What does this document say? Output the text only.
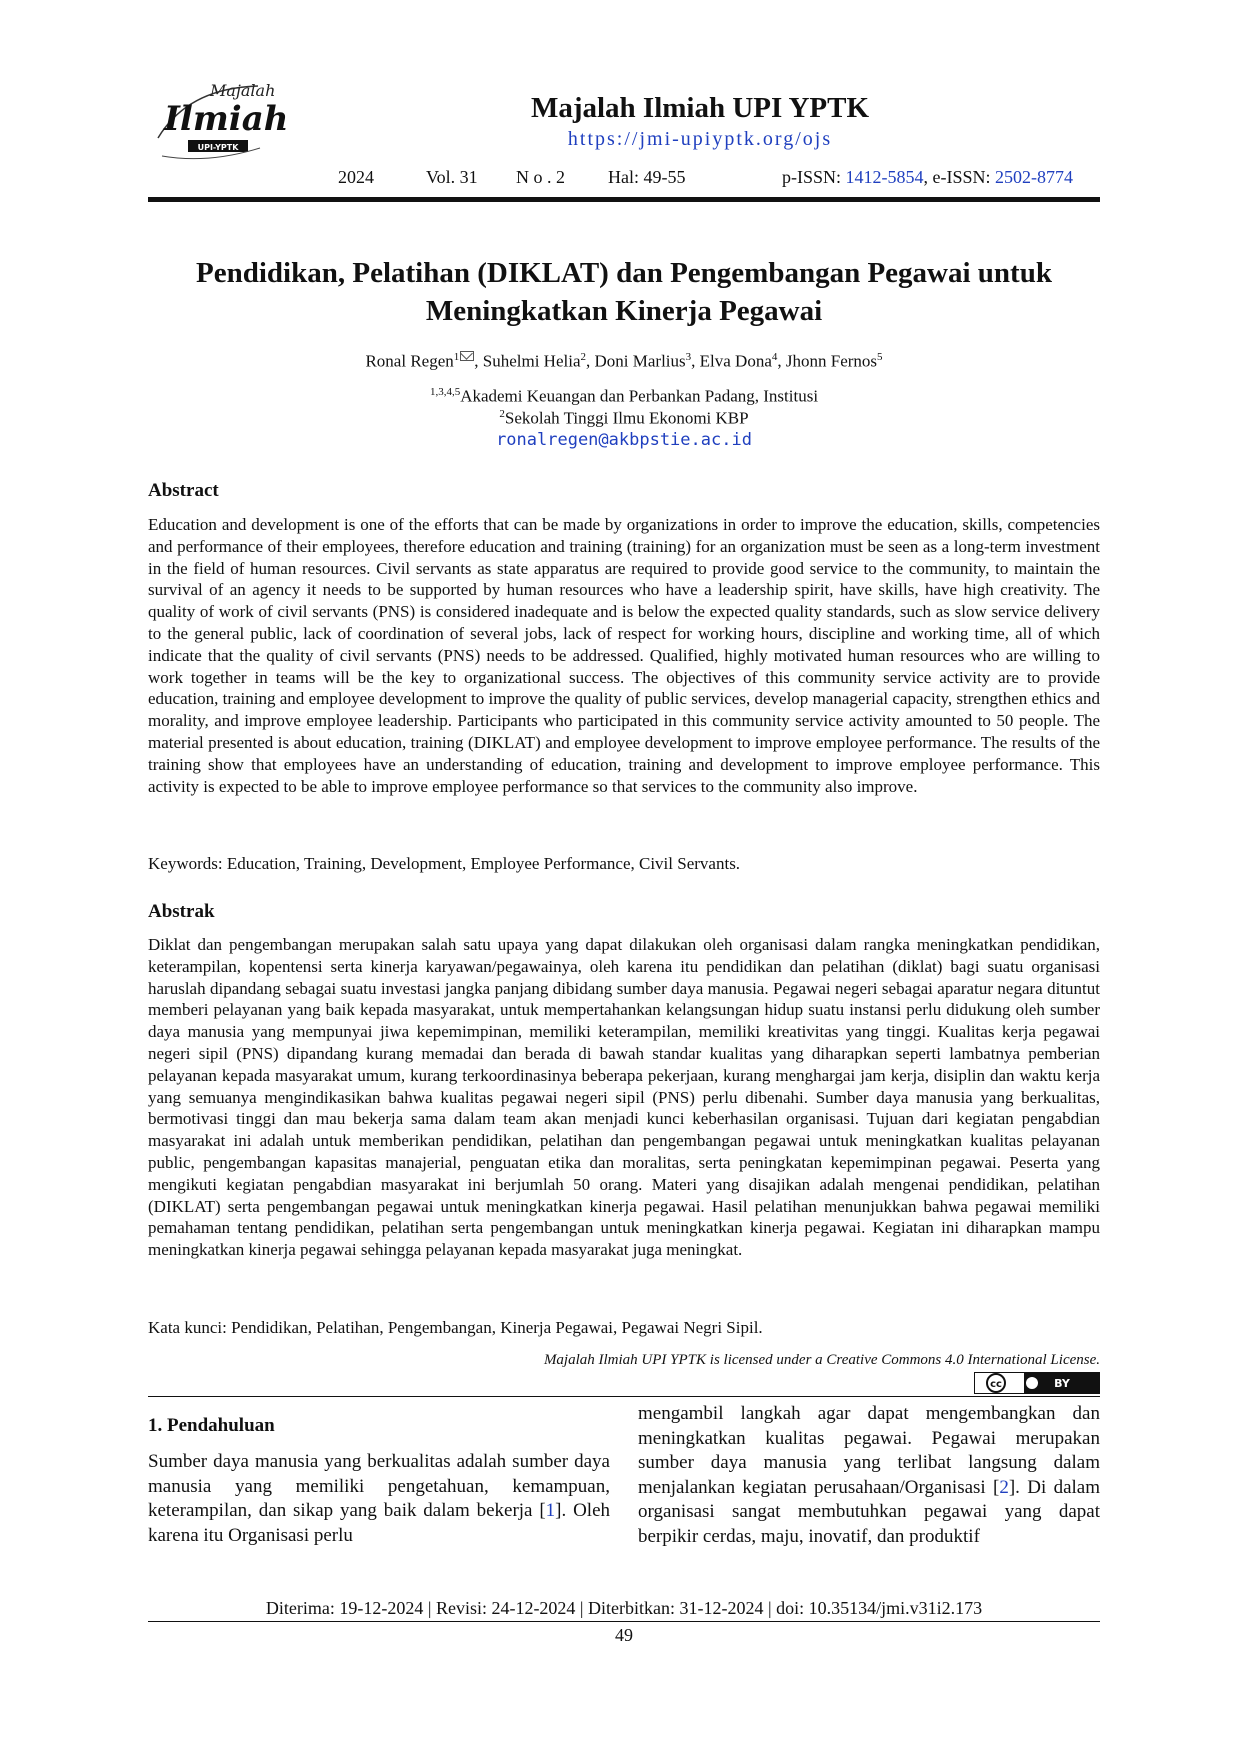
Majalah
Ilmiah
UPI-YPTK
Majalah Ilmiah UPI YPTK
https://jmi-upiyptk.org/ojs
2024	Vol. 31 N o . 2 Hal: 49-55	p-ISSN: 1412-5854, e-ISSN: 2502-8774
Pendidikan, Pelatihan (DIKLAT) dan Pengembangan Pegawai untuk
Meningkatkan Kinerja Pegawai
Ronal Regen$^1$ , Suhelmi Helia$^2$, Doni Marlius$^3$, Elva Dona$^4$, Jhonn Fernos$^5$
$^{1,3,4,5}$Akademi Keuangan dan Perbankan Padang, Institusi
$^2$Sekolah Tinggi Ilmu Ekonomi KBP
ronalregen@akbpstie.ac.id
Abstract

Education and development is one of the efforts that can be made by organizations in order to improve the education, skills, competencies and performance of their employees, therefore education and training (training) for an organization must be seen as a long-term investment in the field of human resources. Civil servants as state apparatus are required to provide good service to the community, to maintain the survival of an agency it needs to be supported by human resources who have a leadership spirit, have skills, have high creativity. The quality of work of civil servants (PNS) is considered inadequate and is below the expected quality standards, such as slow service delivery to the general public, lack of coordination of several jobs, lack of respect for working hours, discipline and working time, all of which indicate that the quality of civil servants (PNS) needs to be addressed. Qualified, highly motivated human resources who are willing to work together in teams will be the key to organizational success. The objectives of this community service activity are to provide education, training and employee development to improve the quality of public services, develop managerial capacity, strengthen ethics and morality, and improve employee leadership. Participants who participated in this community service activity amounted to 50 people. The material presented is about education, training (DIKLAT) and employee development to improve employee performance. The results of the training show that employees have an understanding of education, training and development to improve employee performance. This activity is expected to be able to improve employee performance so that services to the community also improve.

Keywords: Education, Training, Development, Employee Performance, Civil Servants.
Abstrak

Diklat dan pengembangan merupakan salah satu upaya yang dapat dilakukan oleh organisasi dalam rangka meningkatkan pendidikan, keterampilan, kopentensi serta kinerja karyawan/pegawainya, oleh karena itu pendidikan dan pelatihan (diklat) bagi suatu organisasi haruslah dipandang sebagai suatu investasi jangka panjang dibidang sumber daya manusia. Pegawai negeri sebagai aparatur negara dituntut memberi pelayanan yang baik kepada masyarakat, untuk mempertahankan kelangsungan hidup suatu instansi perlu didukung oleh sumber daya manusia yang mempunyai jiwa kepemimpinan, memiliki keterampilan, memiliki kreativitas yang tinggi. Kualitas kerja pegawai negeri sipil (PNS) dipandang kurang memadai dan berada di bawah standar kualitas yang diharapkan seperti lambatnya pemberian pelayanan kepada masyarakat umum, kurang terkoordinasinya beberapa pekerjaan, kurang menghargai jam kerja, disiplin dan waktu kerja yang semuanya mengindikasikan bahwa kualitas pegawai negeri sipil (PNS) perlu dibenahi. Sumber daya manusia yang berkualitas, bermotivasi tinggi dan mau bekerja sama dalam team akan menjadi kunci keberhasilan organisasi. Tujuan dari kegiatan pengabdian masyarakat ini adalah untuk memberikan pendidikan, pelatihan dan pengembangan pegawai untuk meningkatkan kualitas pelayanan public, pengembangan kapasitas manajerial, penguatan etika dan moralitas, serta peningkatan kepemimpinan pegawai. Peserta yang mengikuti kegiatan pengabdian masyarakat ini berjumlah 50 orang. Materi yang disajikan adalah mengenai pendidikan, pelatihan (DIKLAT) serta pengembangan pegawai untuk meningkatkan kinerja pegawai. Hasil pelatihan menunjukkan bahwa pegawai memiliki pemahaman tentang pendidikan, pelatihan serta pengembangan untuk meningkatkan kinerja pegawai. Kegiatan ini diharapkan mampu meningkatkan kinerja pegawai sehingga pelayanan kepada masyarakat juga meningkat.

Kata kunci: Pendidikan, Pelatihan, Pengembangan, Kinerja Pegawai, Pegawai Negri Sipil.
Majalah Ilmiah UPI YPTK is licensed under a Creative Commons 4.0 International License.
cc	BY
1. Pendahuluan

Sumber daya manusia yang berkualitas adalah sumber daya manusia yang memiliki pengetahuan, kemampuan, keterampilan, dan sikap yang baik dalam bekerja [1]. Oleh karena itu Organisasi perlu

mengambil langkah agar dapat mengembangkan dan meningkatkan kualitas pegawai. Pegawai merupakan sumber daya manusia yang terlibat langsung dalam menjalankan kegiatan perusahaan/Organisasi [2]. Di dalam organisasi sangat membutuhkan pegawai yang dapat berpikir cerdas, maju, inovatif, dan produktif

Diterima: 19-12-2024 | Revisi: 24-12-2024 | Diterbitkan: 31-12-2024 | doi: 10.35134/jmi.v31i2.173
49
